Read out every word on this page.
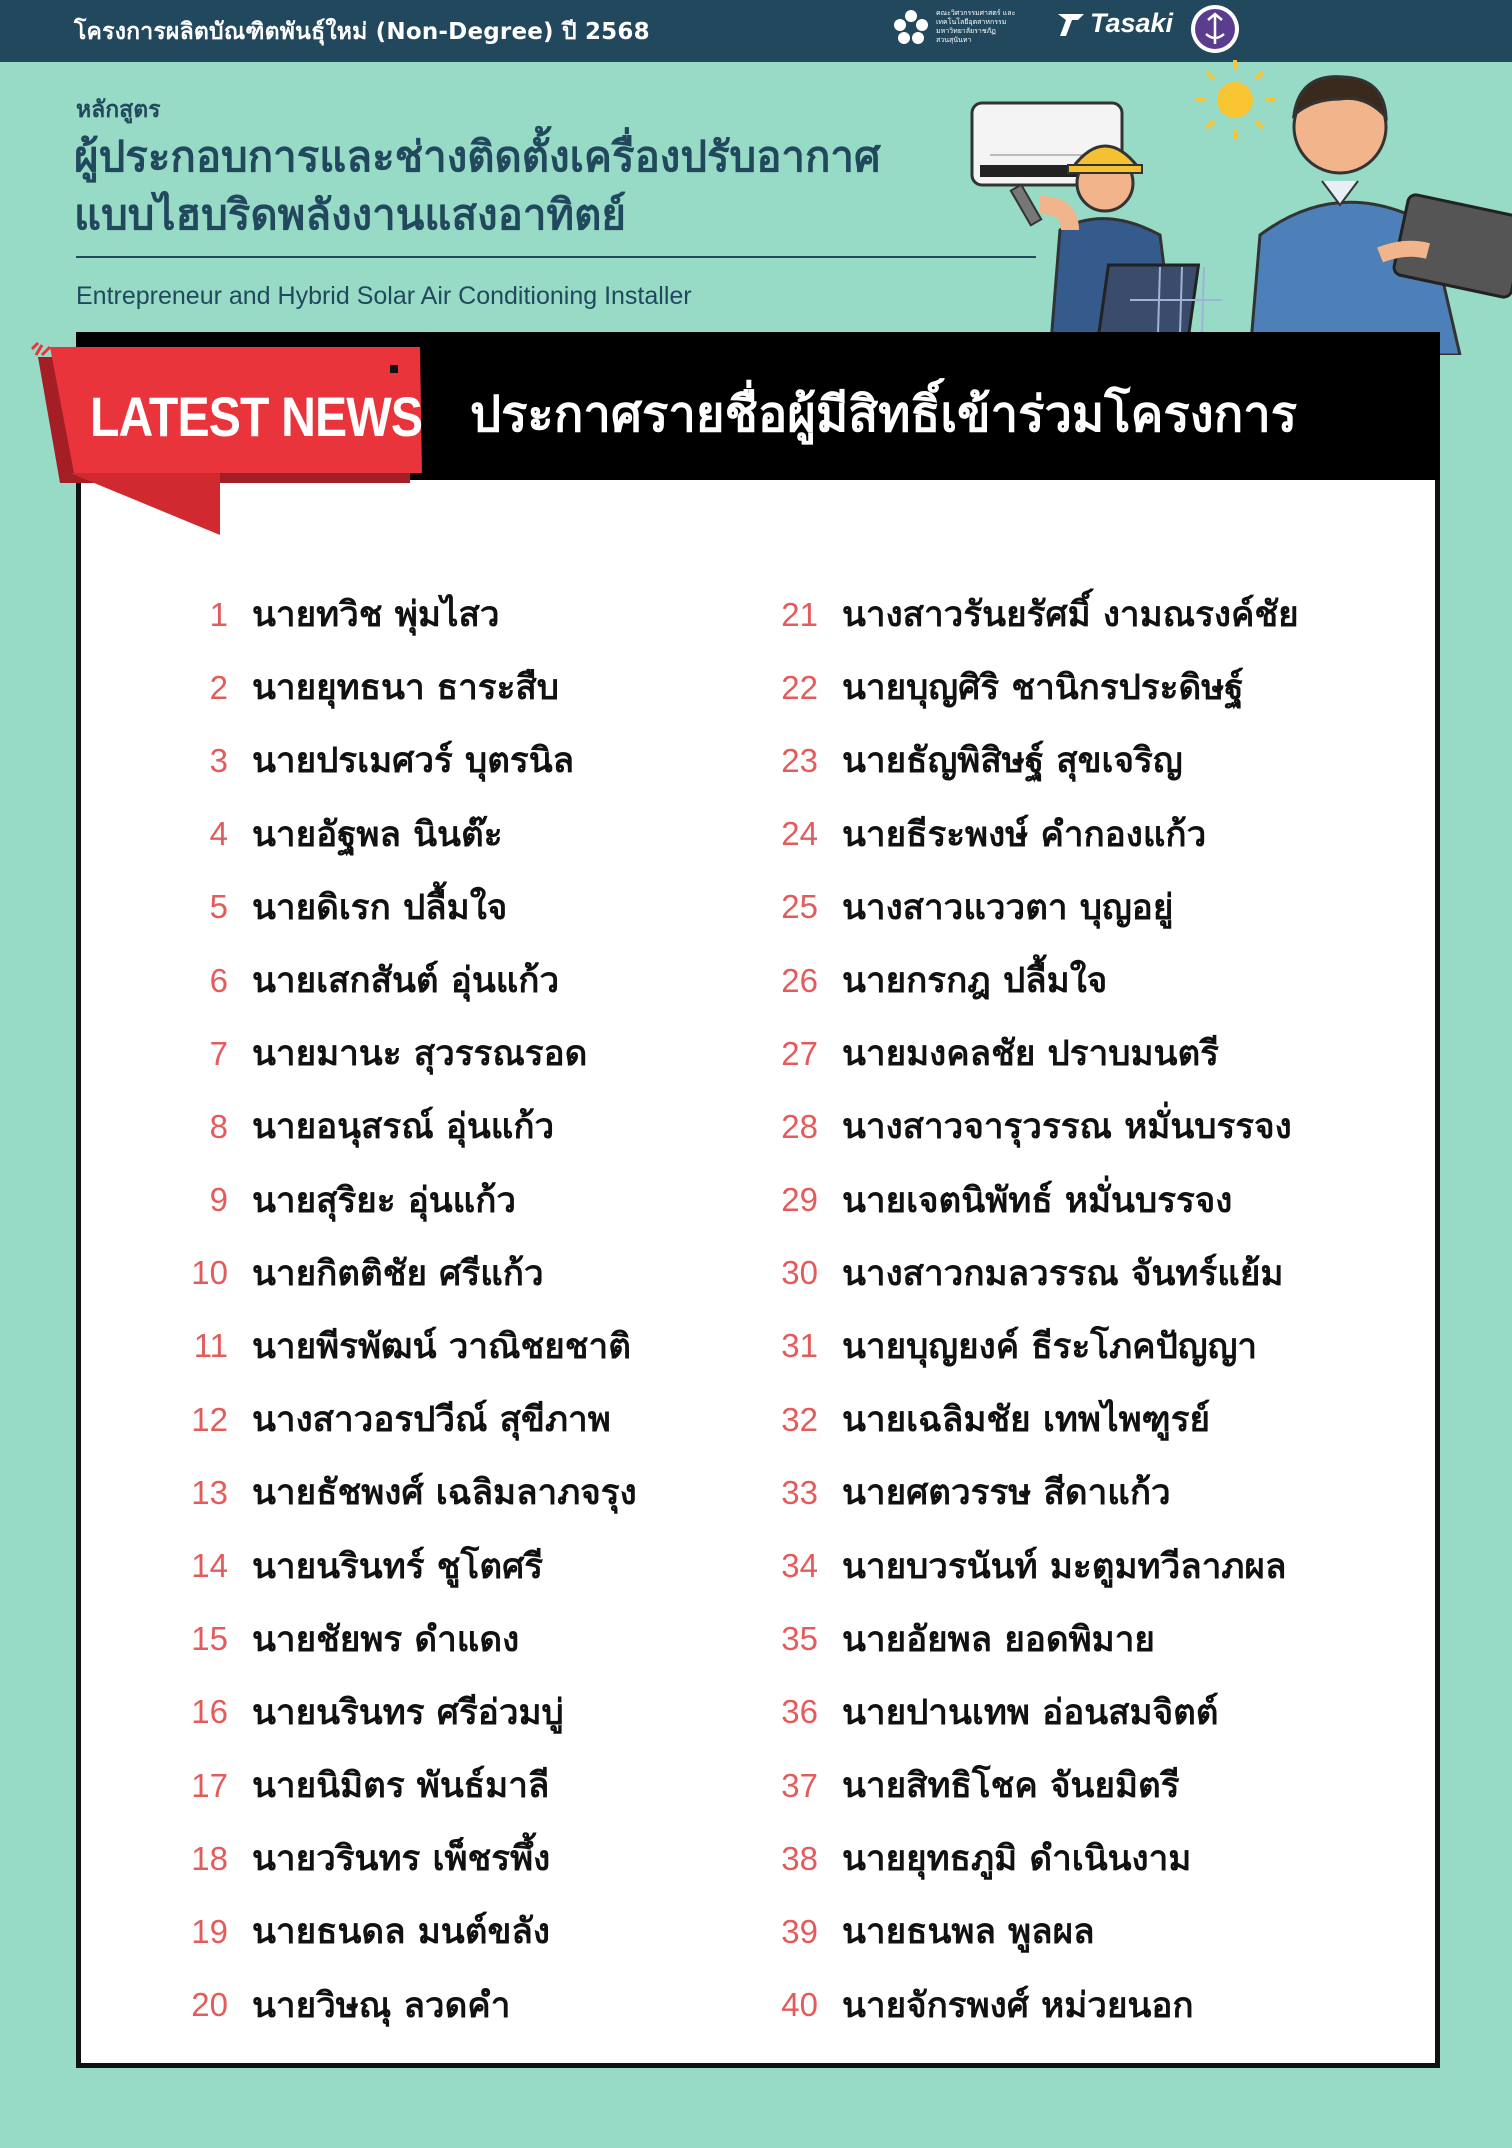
โครงการผลิตบัณฑิตพันธุ์ใหม่ (Non-Degree) ปี 2568
คณะวิศวกรรมศาสตร์ และเทคโนโลยีอุตสาหกรรม มหาวิทยาลัยราชภัฏสวนสุนันทา
Tasaki
หลักสูตร
ผู้ประกอบการและช่างติดตั้งเครื่องปรับอากาศ
แบบไฮบริดพลังงานแสงอาทิตย์
Entrepreneur and Hybrid Solar Air Conditioning Installer
ประกาศรายชื่อผู้มีสิทธิ์เข้าร่วมโครงการ
LATEST NEWS
1 นายทวิช พุ่มไสว
2 นายยุทธนา ธาระสืบ
3 นายปรเมศวร์ บุตรนิล
4 นายอัฐพล นินต๊ะ
5 นายดิเรก ปลื้มใจ
6 นายเสกสันต์ อุ่นแก้ว
7 นายมานะ สุวรรณรอด
8 นายอนุสรณ์ อุ่นแก้ว
9 นายสุริยะ อุ่นแก้ว
10 นายกิตติชัย ศรีแก้ว
11 นายพีรพัฒน์ วาณิชยชาติ
12 นางสาวอรปวีณ์ สุขีภาพ
13 นายธัชพงศ์ เฉลิมลาภจรุง
14 นายนรินทร์ ชูโตศรี
15 นายชัยพร ดำแดง
16 นายนรินทร ศรีอ่วมบู่
17 นายนิมิตร พันธ์มาลี
18 นายวรินทร เพ็ชรพึ้ง
19 นายธนดล มนต์ขลัง
20 นายวิษณุ ลวดคำ
21 นางสาวรันยรัศมิ์ งามณรงค์ชัย
22 นายบุญศิริ ชานิกรประดิษฐ์
23 นายธัญพิสิษฐ์ สุขเจริญ
24 นายธีระพงษ์ คำกองแก้ว
25 นางสาวแววตา บุญอยู่
26 นายกรกฎ ปลื้มใจ
27 นายมงคลชัย ปราบมนตรี
28 นางสาวจารุวรรณ หมั่นบรรจง
29 นายเจตนิพัทธ์ หมั่นบรรจง
30 นางสาวกมลวรรณ จันทร์แย้ม
31 นายบุญยงค์ ธีระโภคปัญญา
32 นายเฉลิมชัย เทพไพฑูรย์
33 นายศตวรรษ สีดาแก้ว
34 นายบวรนันท์ มะตูมทวีลาภผล
35 นายอัยพล ยอดพิมาย
36 นายปานเทพ อ่อนสมจิตต์
37 นายสิทธิโชค จันยมิตรี
38 นายยุทธภูมิ ดำเนินงาม
39 นายธนพล พูลผล
40 นายจักรพงศ์ หม่วยนอก
